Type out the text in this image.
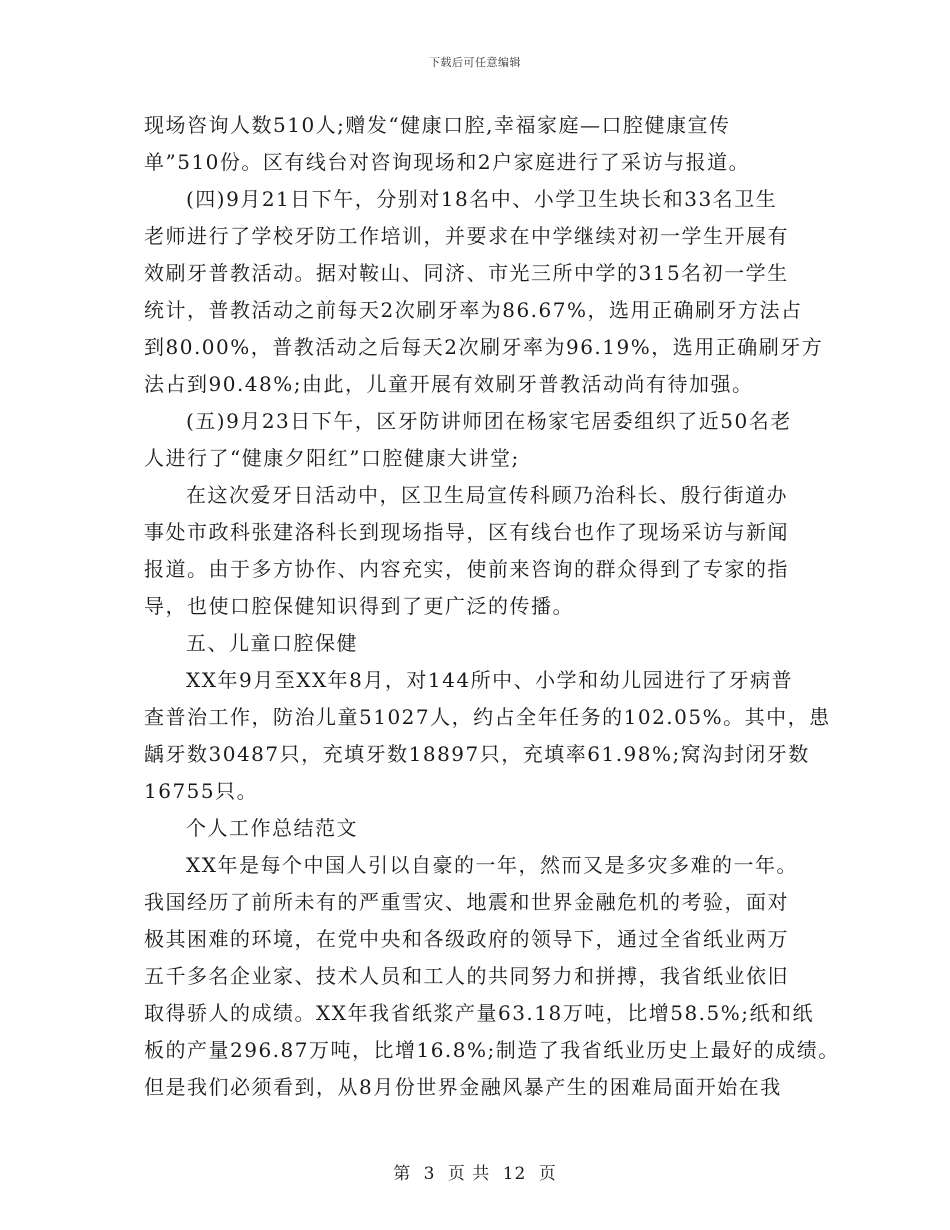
下载后可任意编辑
现场咨询人数510人;赠发“健康口腔,幸福家庭—口腔健康宣传
单”510份。区有线台对咨询现场和2户家庭进行了采访与报道。
(四)9月21日下午，分别对18名中、小学卫生块长和33名卫生
老师进行了学校牙防工作培训，并要求在中学继续对初一学生开展有
效刷牙普教活动。据对鞍山、同济、市光三所中学的315名初一学生
统计，普教活动之前每天2次刷牙率为86.67%，选用正确刷牙方法占
到80.00%，普教活动之后每天2次刷牙率为96.19%，选用正确刷牙方
法占到90.48%;由此，儿童开展有效刷牙普教活动尚有待加强。
(五)9月23日下午，区牙防讲师团在杨家宅居委组织了近50名老
人进行了“健康夕阳红”口腔健康大讲堂;
在这次爱牙日活动中，区卫生局宣传科顾乃治科长、殷行街道办
事处市政科张建洛科长到现场指导，区有线台也作了现场采访与新闻
报道。由于多方协作、内容充实，使前来咨询的群众得到了专家的指
导，也使口腔保健知识得到了更广泛的传播。
五、儿童口腔保健
XX年9月至XX年8月，对144所中、小学和幼儿园进行了牙病普
查普治工作，防治儿童51027人，约占全年任务的102.05%。其中，患
龋牙数30487只，充填牙数18897只，充填率61.98%;窝沟封闭牙数
16755只。
个人工作总结范文
XX年是每个中国人引以自豪的一年，然而又是多灾多难的一年。
我国经历了前所未有的严重雪灾、地震和世界金融危机的考验，面对
极其困难的环境，在党中央和各级政府的领导下，通过全省纸业两万
五千多名企业家、技术人员和工人的共同努力和拼搏，我省纸业依旧
取得骄人的成绩。XX年我省纸浆产量63.18万吨，比增58.5%;纸和纸
板的产量296.87万吨，比增16.8%;制造了我省纸业历史上最好的成绩。
但是我们必须看到，从8月份世界金融风暴产生的困难局面开始在我
第 3 页 共 12 页
